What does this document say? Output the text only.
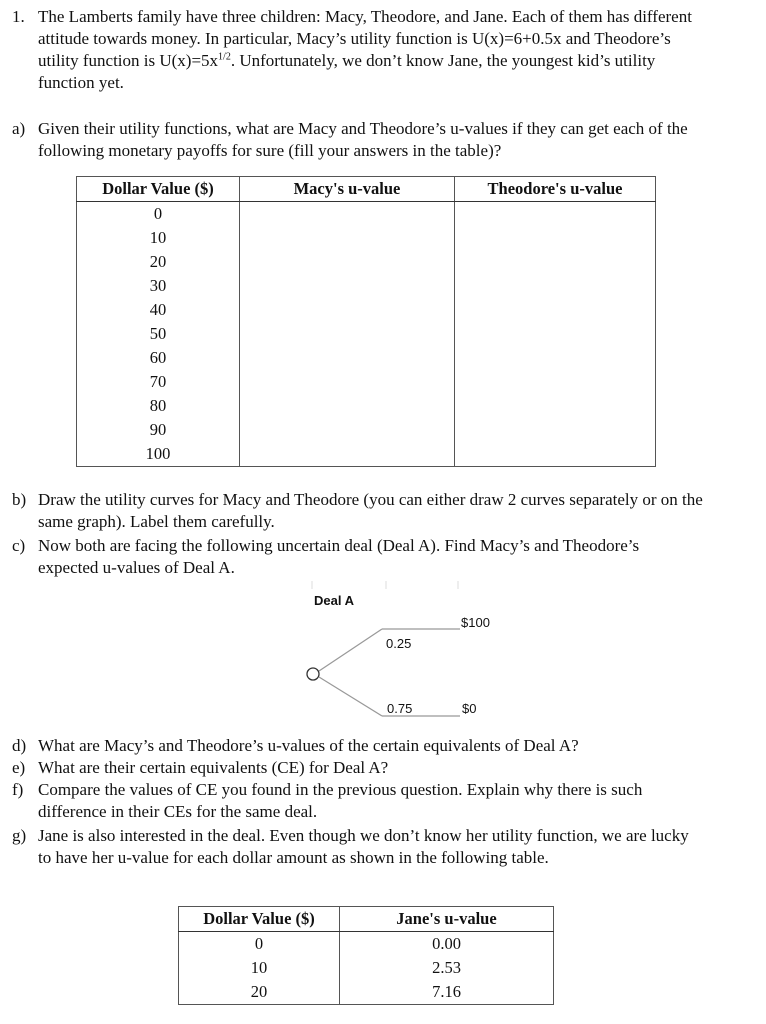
1. The Lamberts family have three children: Macy, Theodore, and Jane. Each of them has different
attitude towards money. In particular, Macy’s utility function is U(x)=6+0.5x and Theodore’s
utility function is $U(x)=5x^{1/2}$. Unfortunately, we don’t know Jane, the youngest kid’s utility
function yet.
a) Given their utility functions, what are Macy and Theodore’s u-values if they can get each of the
following monetary payoffs for sure (fill your answers in the table)?
Dollar Value ($)	Macy's u-value	Theodore's u-value
0		
10		
20		
30		
40		
50		
60		
70		
80		
90		
100		
b) Draw the utility curves for Macy and Theodore (you can either draw 2 curves separately or on the
same graph). Label them carefully.
c) Now both are facing the following uncertain deal (Deal A). Find Macy’s and Theodore’s
expected u-values of Deal A.
Deal A
0.25
$100
0.75	$0
d) What are Macy’s and Theodore’s u-values of the certain equivalents of Deal A?
e) What are their certain equivalents (CE) for Deal A?
f) Compare the values of CE you found in the previous question. Explain why there is such
difference in their CEs for the same deal.
g) Jane is also interested in the deal. Even though we don’t know her utility function, we are lucky
to have her u-value for each dollar amount as shown in the following table.
Dollar Value ($)	Jane's u-value
0	0.00
10	2.53
20	7.16
